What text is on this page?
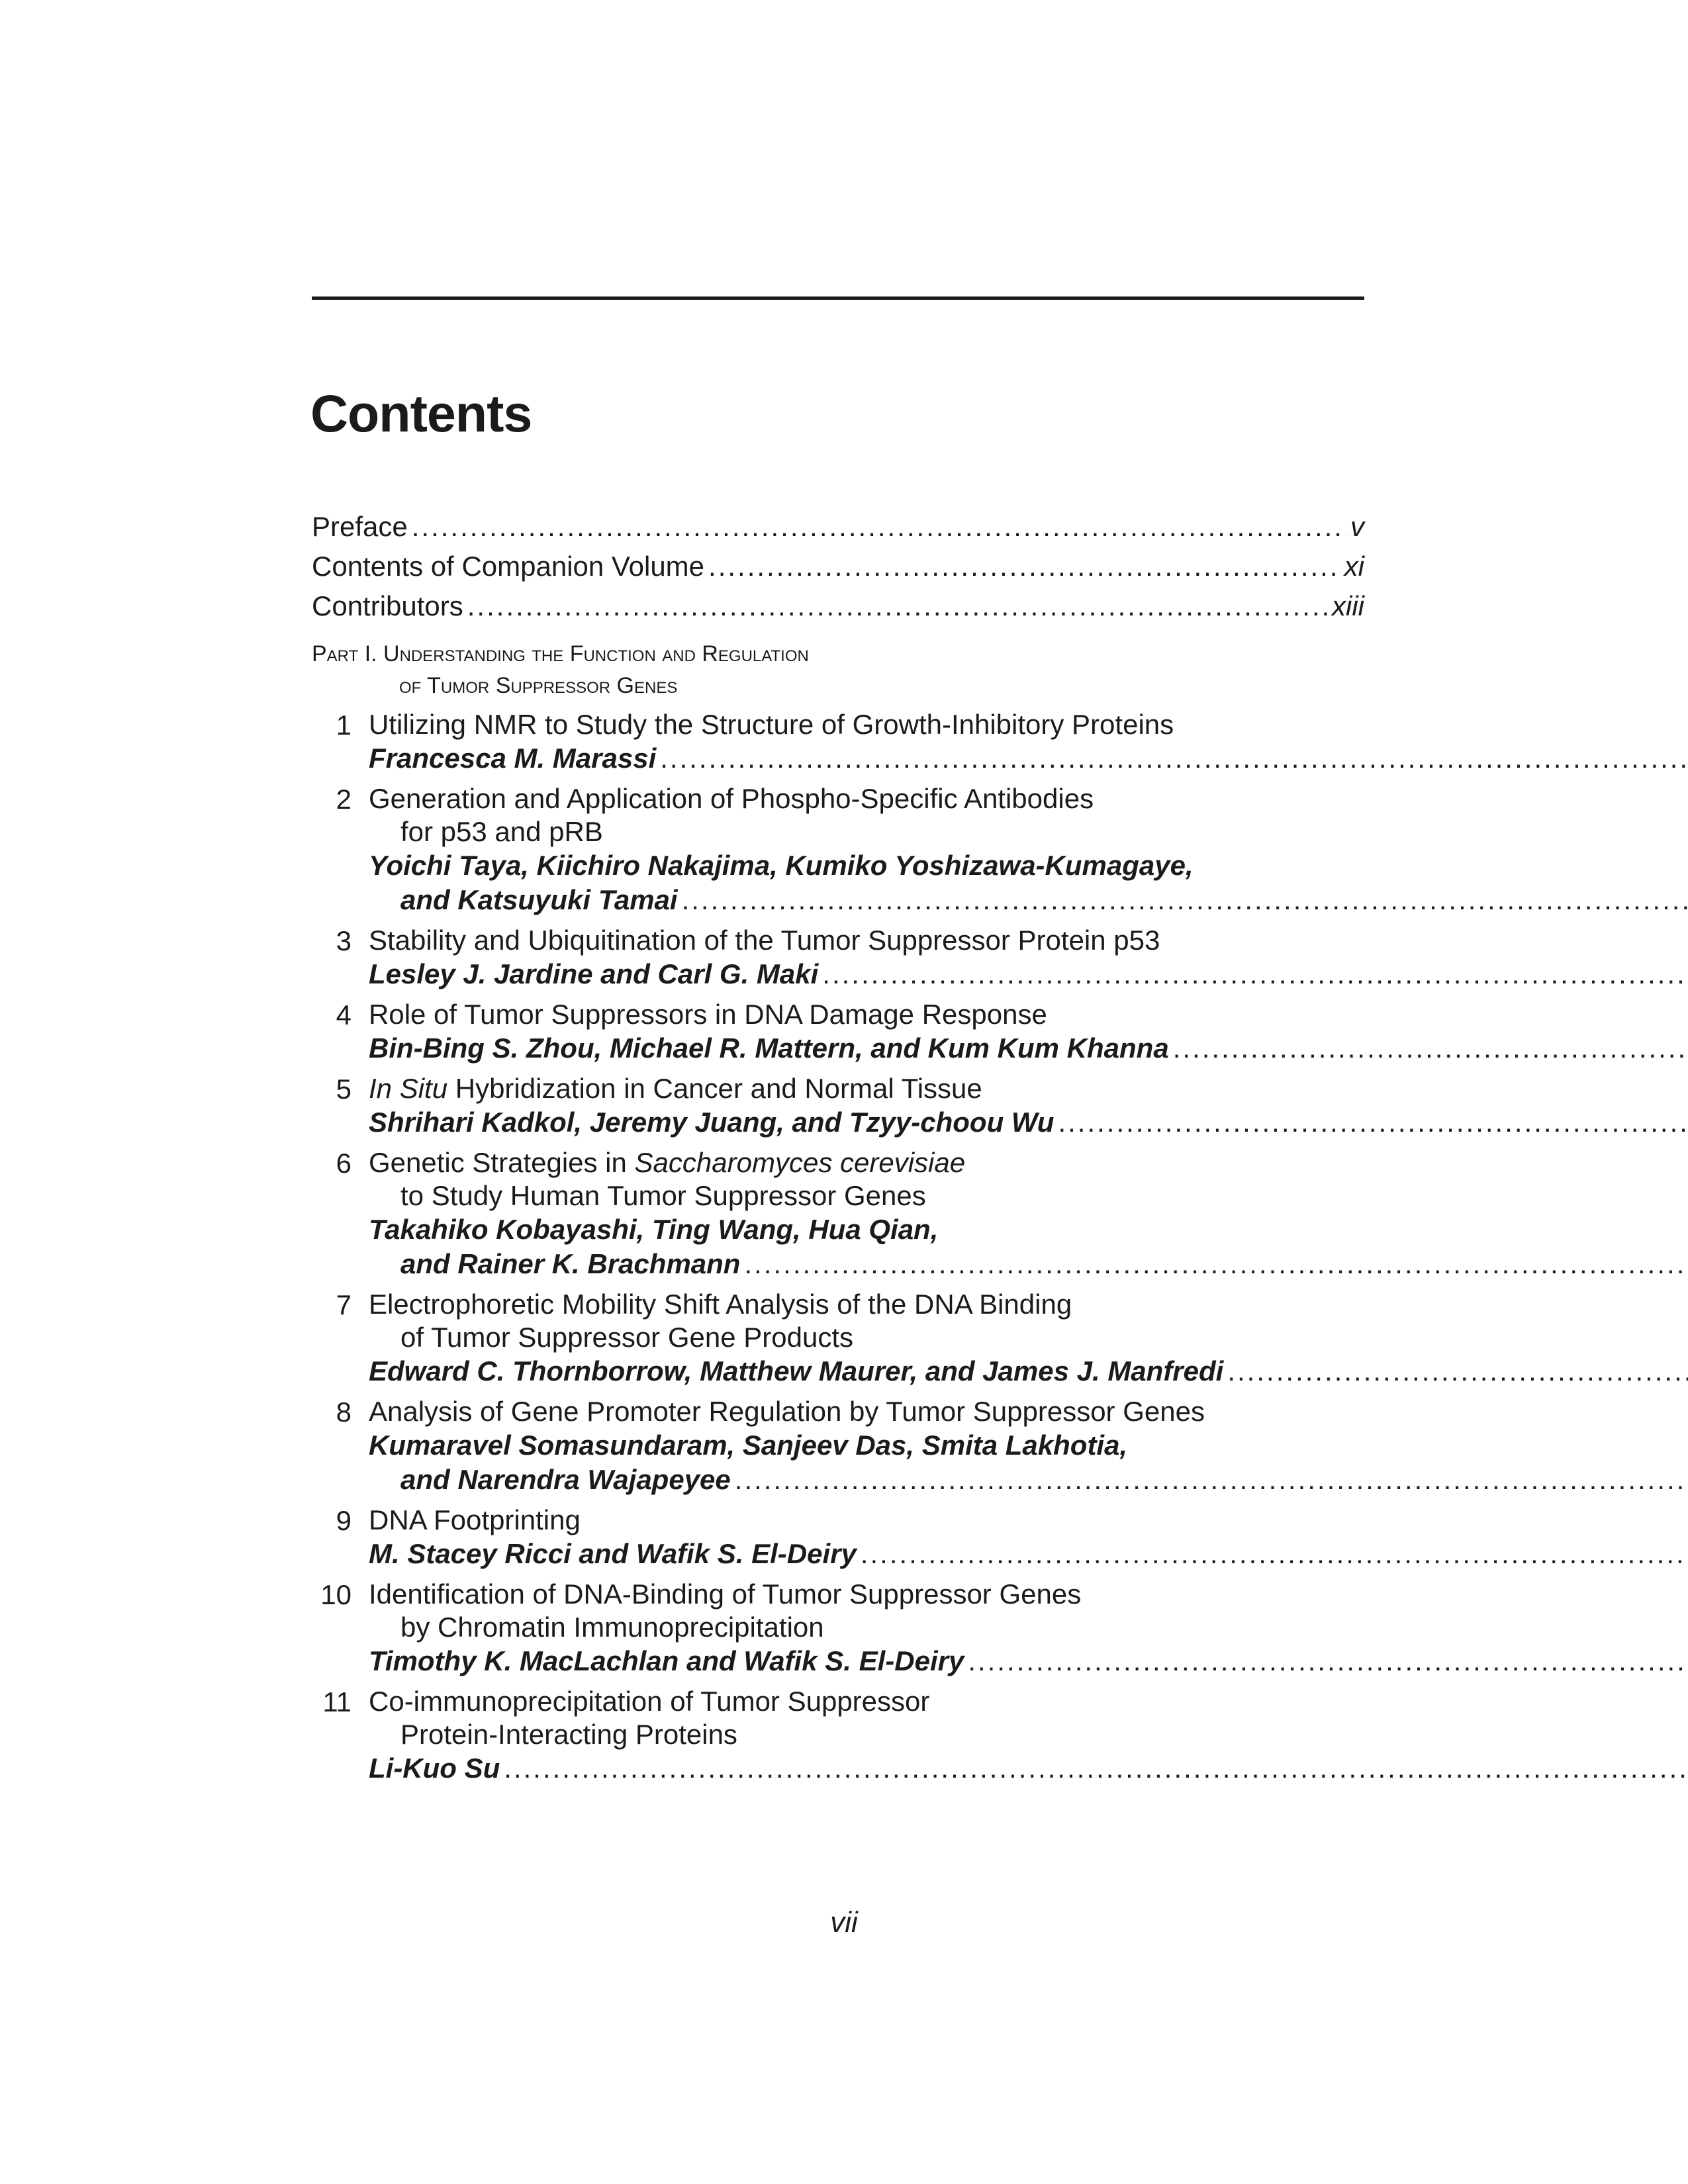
Contents
Preface .....	v
Contents of Companion Volume .....	xi
Contributors .....	xiii
Part I. Understanding the Function and Regulation
of Tumor Suppressor Genes
1 Utilizing NMR to Study the Structure of Growth-Inhibitory Proteins
Francesca M. Marassi
.....
2 Generation and Application of Phospho-Specific Antibodies
for p53 and pRB
Yoichi Taya, Kiichiro Nakajima, Kumiko Yoshizawa-Kumagaye,
and Katsuyuki Tamai
.....
3 Stability and Ubiquitination of the Tumor Suppressor Protein p53
Lesley J. Jardine and Carl G. Maki
.....
4 Role of Tumor Suppressors in DNA Damage Response
Bin-Bing S. Zhou, Michael R. Mattern, and Kum Kum Khanna
.....
5 In Situ Hybridization in Cancer and Normal Tissue
Shrihari Kadkol, Jeremy Juang, and Tzyy-choou Wu
.....
6 Genetic Strategies in Saccharomyces cerevisiae
to Study Human Tumor Suppressor Genes
Takahiko Kobayashi, Ting Wang, Hua Qian,
and Rainer K. Brachmann
.....
7 Electrophoretic Mobility Shift Analysis of the DNA Binding
of Tumor Suppressor Gene Products
Edward C. Thornborrow, Matthew Maurer, and James J. Manfredi
.....
8 Analysis of Gene Promoter Regulation by Tumor Suppressor Genes
Kumaravel Somasundaram, Sanjeev Das, Smita Lakhotia,
and Narendra Wajapeyee
.....
9 DNA Footprinting
M. Stacey Ricci and Wafik S. El-Deiry
.....
10 Identification of DNA-Binding of Tumor Suppressor Genes
by Chromatin Immunoprecipitation
Timothy K. MacLachlan and Wafik S. El-Deiry
.....
11 Co-immunoprecipitation of Tumor Suppressor
Protein-Interacting Proteins
Li-Kuo Su
.....
vii
